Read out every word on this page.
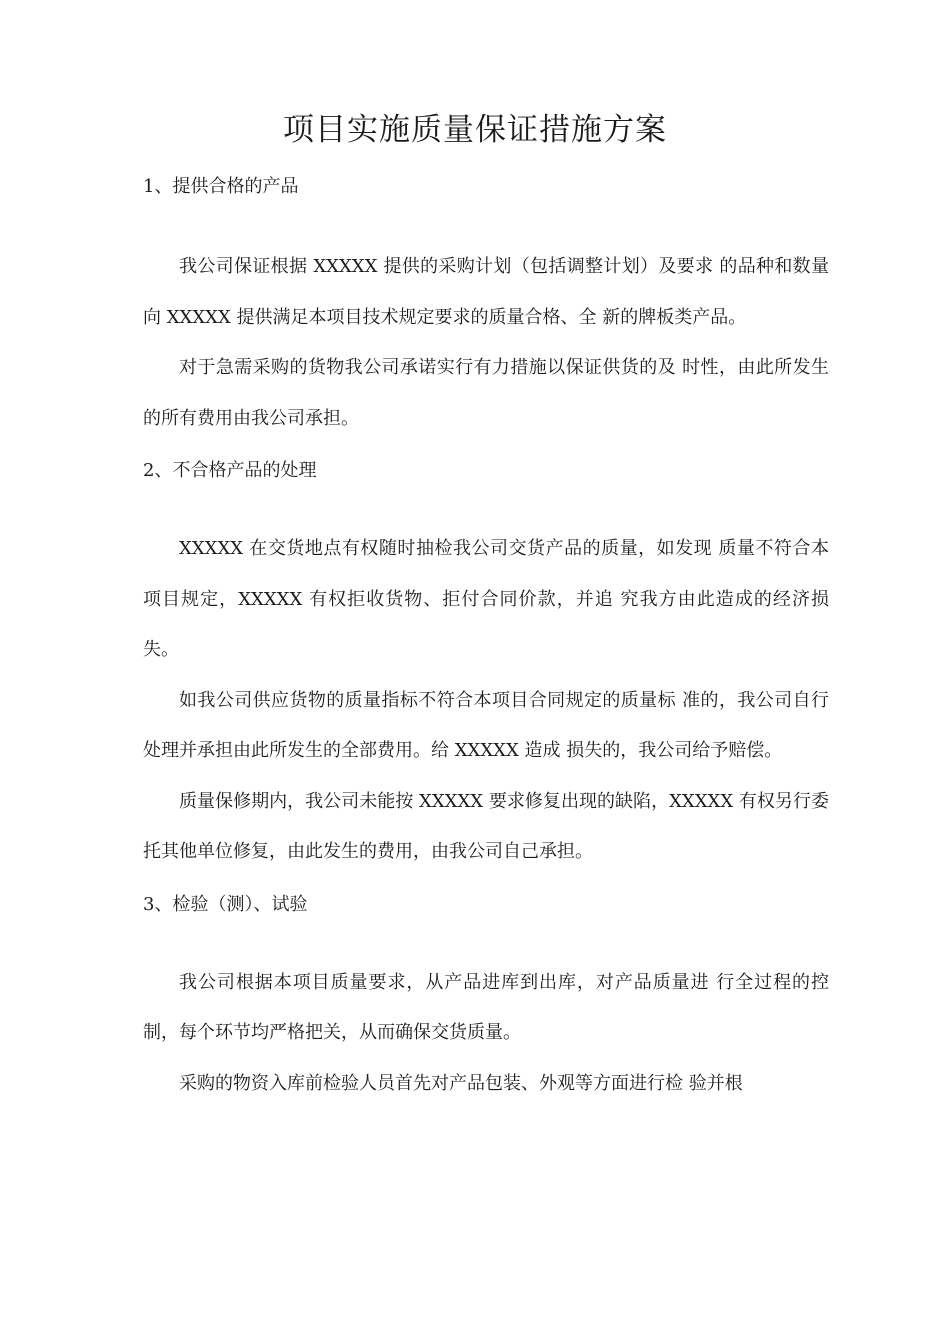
项目实施质量保证措施方案
1、提供合格的产品

我公司保证根据 XXXXX 提供的采购计划（包括调整计划）及要求 的品种和数量向 XXXXX 提供满足本项目技术规定要求的质量合格、全 新的牌板类产品。

对于急需采购的货物我公司承诺实行有力措施以保证供货的及 时性，由此所发生的所有费用由我公司承担。

2、不合格产品的处理

XXXXX 在交货地点有权随时抽检我公司交货产品的质量，如发现 质量不符合本项目规定，XXXXX 有权拒收货物、拒付合同价款，并追 究我方由此造成的经济损失。

如我公司供应货物的质量指标不符合本项目合同规定的质量标 准的，我公司自行处理并承担由此所发生的全部费用。给 XXXXX 造成 损失的，我公司给予赔偿。

质量保修期内，我公司未能按 XXXXX 要求修复出现的缺陷，XXXXX 有权另行委托其他单位修复，由此发生的费用，由我公司自己承担。

3、检验（测）、试验

我公司根据本项目质量要求，从产品进库到出库，对产品质量进 行全过程的控制，每个环节均严格把关，从而确保交货质量。

采购的物资入库前检验人员首先对产品包装、外观等方面进行检 验并根
